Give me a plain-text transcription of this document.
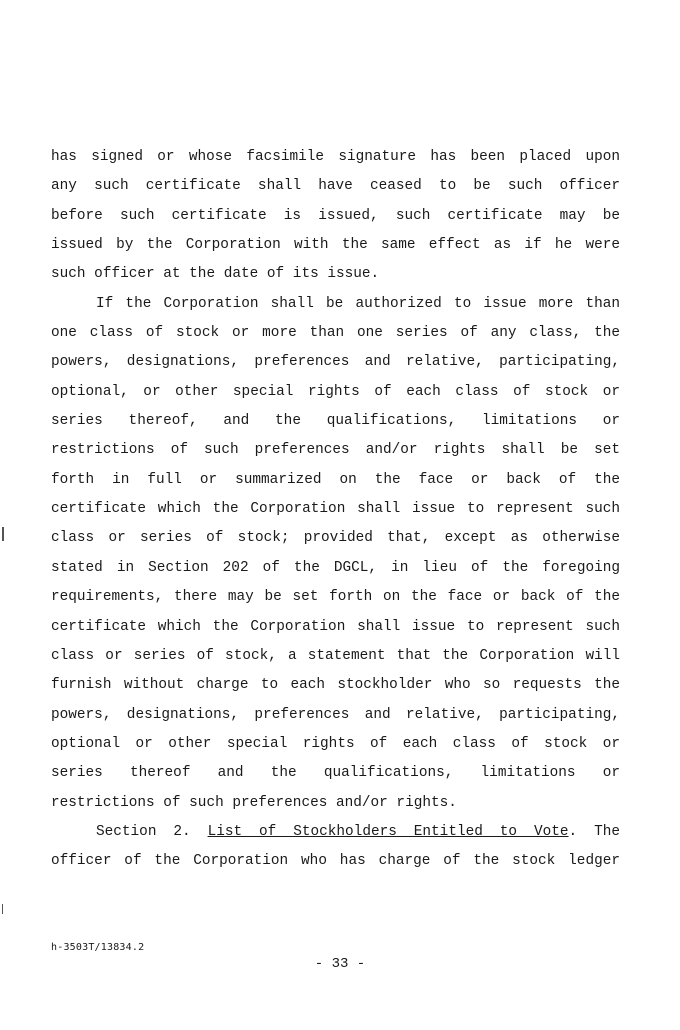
has signed or whose facsimile signature has been placed upon
any such certificate shall have ceased to be such officer
before such certificate is issued, such certificate may be
issued by the Corporation with the same effect as if he were
such officer at the date of its issue.
If the Corporation shall be authorized to issue more than
one class of stock or more than one series of any class, the
powers, designations, preferences and relative, participating,
optional, or other special rights of each class of stock or
series thereof, and the qualifications, limitations or
restrictions of such preferences and/or rights shall be set
forth in full or summarized on the face or back of the
certificate which the Corporation shall issue to represent such
class or series of stock; provided that, except as otherwise
stated in Section 202 of the DGCL, in lieu of the foregoing
requirements, there may be set forth on the face or back of the
certificate which the Corporation shall issue to represent such
class or series of stock, a statement that the Corporation will
furnish without charge to each stockholder who so requests the
powers, designations, preferences and relative, participating,
optional or other special rights of each class of stock or
series thereof and the qualifications, limitations or
restrictions of such preferences and/or rights.
Section 2. List of Stockholders Entitled to Vote. The
officer of the Corporation who has charge of the stock ledger
h-3503T/13834.2
- 33 -
